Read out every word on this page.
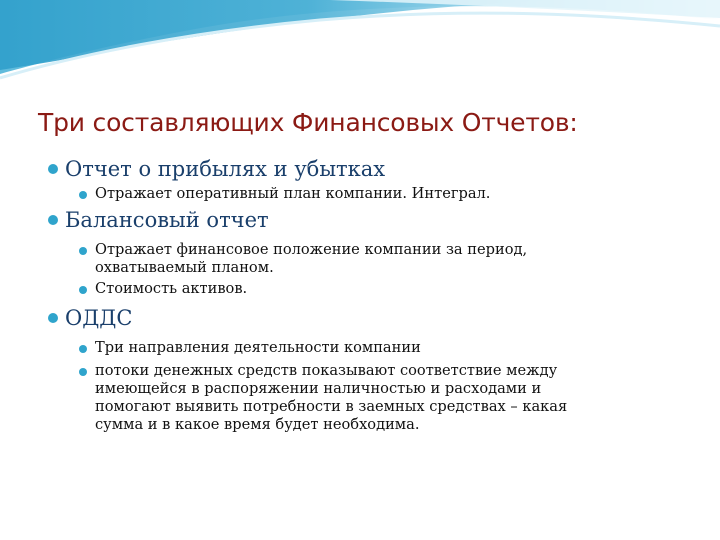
Три составляющих Финансовых Отчетов:
Отчет о прибылях и убытках
Отражает оперативный план компании. Интеграл.
Балансовый отчет
Отражает финансовое положение компании за период,
охватываемый планом.
Стоимость активов.
ОДДС
Три направления деятельности компании
потоки денежных средств показывают соответствие между
имеющейся в распоряжении наличностью и расходами и
помогают выявить потребности в заемных средствах – какая
сумма и в какое время будет необходима.
